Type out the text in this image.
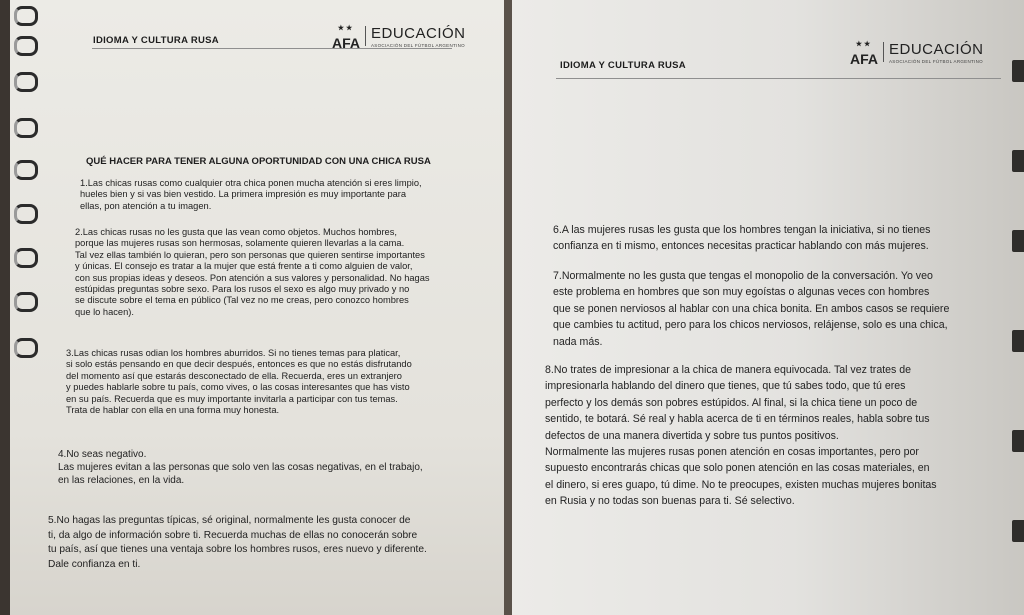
IDIOMA Y CULTURA RUSA
★★
AFA
EDUCACIÓN
ASOCIACIÓN DEL FÚTBOL ARGENTINO
QUÉ HACER PARA TENER ALGUNA OPORTUNIDAD CON UNA CHICA RUSA
1.Las chicas rusas como cualquier otra chica ponen mucha atención si eres limpio,
hueles bien y si vas bien vestido. La primera impresión es muy importante para
ellas, pon atención a tu imagen.
2.Las chicas rusas no les gusta que las vean como objetos. Muchos hombres,
porque las mujeres rusas son hermosas, solamente quieren llevarlas a la cama.
Tal vez ellas también lo quieran, pero son personas que quieren sentirse importantes
y únicas. El consejo es tratar a la mujer que está frente a ti como alguien de valor,
con sus propias ideas y deseos. Pon atención a sus valores y personalidad. No hagas
estúpidas preguntas sobre sexo. Para los rusos el sexo es algo muy privado y no
se discute sobre el tema en público (Tal vez no me creas, pero conozco hombres
que lo hacen).
3.Las chicas rusas odian los hombres aburridos. Si no tienes temas para platicar,
si solo estás pensando en que decir después, entonces es que no estás disfrutando
del momento así que estarás desconectado de ella. Recuerda, eres un extranjero
y puedes hablarle sobre tu país, como vives, o las cosas interesantes que has visto
en su país. Recuerda que es muy importante invitarla a participar con tus temas.
Trata de hablar con ella en una forma muy honesta.
4.No seas negativo.
Las mujeres evitan a las personas que solo ven las cosas negativas, en el trabajo,
en las relaciones, en la vida.
5.No hagas las preguntas típicas, sé original, normalmente les gusta conocer de
ti, da algo de información sobre ti. Recuerda muchas de ellas no conocerán sobre
tu país, así que tienes una ventaja sobre los hombres rusos, eres nuevo y diferente.
Dale confianza en ti.
IDIOMA Y CULTURA RUSA
★★
AFA
EDUCACIÓN
ASOCIACIÓN DEL FÚTBOL ARGENTINO
6.A las mujeres rusas les gusta que los hombres tengan la iniciativa, si no tienes
confianza en ti mismo, entonces necesitas practicar hablando con más mujeres.
7.Normalmente no les gusta que tengas el monopolio de la conversación. Yo veo
este problema en hombres que son muy egoístas o algunas veces con hombres
que se ponen nerviosos al hablar con una chica bonita. En ambos casos se requiere
que cambies tu actitud, pero para los chicos nerviosos, relájense, solo es una chica,
nada más.
8.No trates de impresionar a la chica de manera equivocada. Tal vez trates de
impresionarla hablando del dinero que tienes, que tú sabes todo, que tú eres
perfecto y los demás son pobres estúpidos. Al final, si la chica tiene un poco de
sentido, te botará. Sé real y habla acerca de ti en términos reales, habla sobre tus
defectos de una manera divertida y sobre tus puntos positivos.
Normalmente las mujeres rusas ponen atención en cosas importantes, pero por
supuesto encontrarás chicas que solo ponen atención en las cosas materiales, en
el dinero, si eres guapo, tú dime. No te preocupes, existen muchas mujeres bonitas
en Rusia y no todas son buenas para ti. Sé selectivo.
